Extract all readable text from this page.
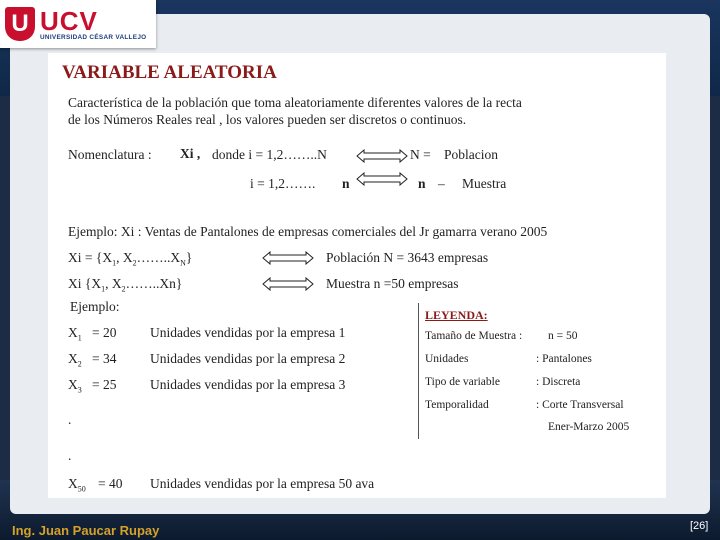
U UCV
UNIVERSIDAD CÉSAR VALLEJO
VARIABLE ALEATORIA
Característica de la población que toma aleatoriamente diferentes valores de la recta
de los Números Reales real , los valores pueden ser discretos o continuos.
Nomenclatura : Xi , donde i = 1,2……..N	N = Poblacion
i = 1,2……. n	n – Muestra
Ejemplo: Xi : Ventas de Pantalones de empresas comerciales del Jr gamarra verano 2005
$Xi = \{X_1$, $X_2\dots\dots..X_N$}	Población N = 3643 empresas
Xi {$X_1$, $X_2\dots\dots..Xn$}	Muestra n =50 empresas
Ejemplo:
$X_1 = 20$ Unidades vendidas por la empresa 1
$X_2 = 34$ Unidades vendidas por la empresa 2
$X_3 = 25$ Unidades vendidas por la empresa 3
.
.
$X_{50} = 40$ Unidades vendidas por la empresa 50 ava
LEYENDA:
Tamaño de Muestra : n = 50
Unidades	: Pantalones
Tipo de variable	: Discreta
Temporalidad	: Corte Transversal
Ener-Marzo 2005
Ing. Juan Paucar Rupay	[26]
